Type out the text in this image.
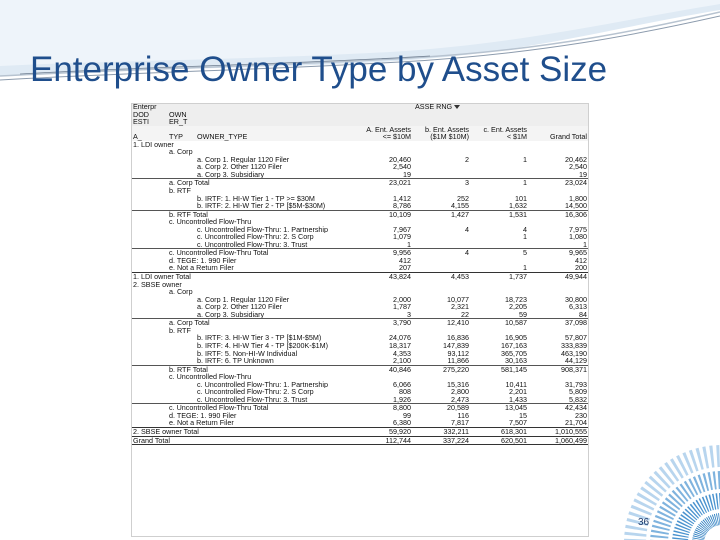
Enterprise Owner Type by Asset Size
Enterpr				ASSE RNG		
DOD_	OWN					
ESTI	ER_T					
			A. Ent. Assets	b. Ent. Assets	c. Ent. Assets	
A_	TYP	OWNER_TYPE	<= $10M	($1M $10M)	< $1M	Grand Total
1. LDI owner						
	a. Corp					
		a. Corp 1. Regular 1120 Filer	20,460	2	1	20,462
		a. Corp 2. Other 1120 Filer	2,540			2,540
		a. Corp 3. Subsidiary	19			19
	a. Corp Total		23,021	3	1	23,024
	b. RTF					
		b. IRTF: 1. HI-W Tier 1 - TP >= $30M	1,412	252	101	1,800
		b. IRTF: 2. HI-W Tier 2 - TP [$5M-$30M)	8,786	4,155	1,632	14,500
	b. RTF Total		10,109	1,427	1,531	16,306
	c. Uncontrolled Flow-Thru					
		c. Uncontrolled Flow-Thru: 1. Partnership	7,967	4	4	7,975
		c. Uncontrolled Flow-Thru: 2. S Corp	1,079		1	1,080
		c. Uncontrolled Flow-Thru: 3. Trust	1			1
	c. Uncontrolled Flow-Thru Total		9,956	4	5	9,965
	d. TEGE: 1. 990 Filer		412			412
	e. Not a Return Filer		207		1	200
1. LDI owner Total			43,824	4,453	1,737	49,944
2. SBSE owner						
	a. Corp					
		a. Corp 1. Regular 1120 Filer	2,000	10,077	18,723	30,800
		a. Corp 2. Other 1120 Filer	1,787	2,321	2,205	6,313
		a. Corp 3. Subsidiary	3	22	59	84
	a. Corp Total		3,790	12,410	10,587	37,098
	b. RTF					
		b. IRTF: 3. HI-W Tier 3 - TP [$1M-$5M)	24,076	16,836	16,905	57,807
		b. IRTF: 4. HI-W Tier 4 - TP [$200K-$1M)	18,317	147,839	167,163	333,839
		b. IRTF: 5. Non-HI-W Individual	4,353	93,112	365,705	463,190
		b. IRTF: 6. TP Unknown	2,100	11,866	30,163	44,129
	b. RTF Total		40,846	275,220	581,145	908,371
	c. Uncontrolled Flow-Thru					
		c. Uncontrolled Flow-Thru: 1. Partnership	6,066	15,316	10,411	31,793
		c. Uncontrolled Flow-Thru: 2. S Corp	808	2,800	2,201	5,809
		c. Uncontrolled Flow-Thru: 3. Trust	1,926	2,473	1,433	5,832
	c. Uncontrolled Flow-Thru Total		8,800	20,589	13,045	42,434
	d. TEGE: 1. 990 Filer		99	116	15	230
	e. Not a Return Filer		6,380	7,817	7,507	21,704
2. SBSE owner Total			59,920	332,211	618,301	1,010,555
Grand Total			112,744	337,224	620,501	1,060,499
36
